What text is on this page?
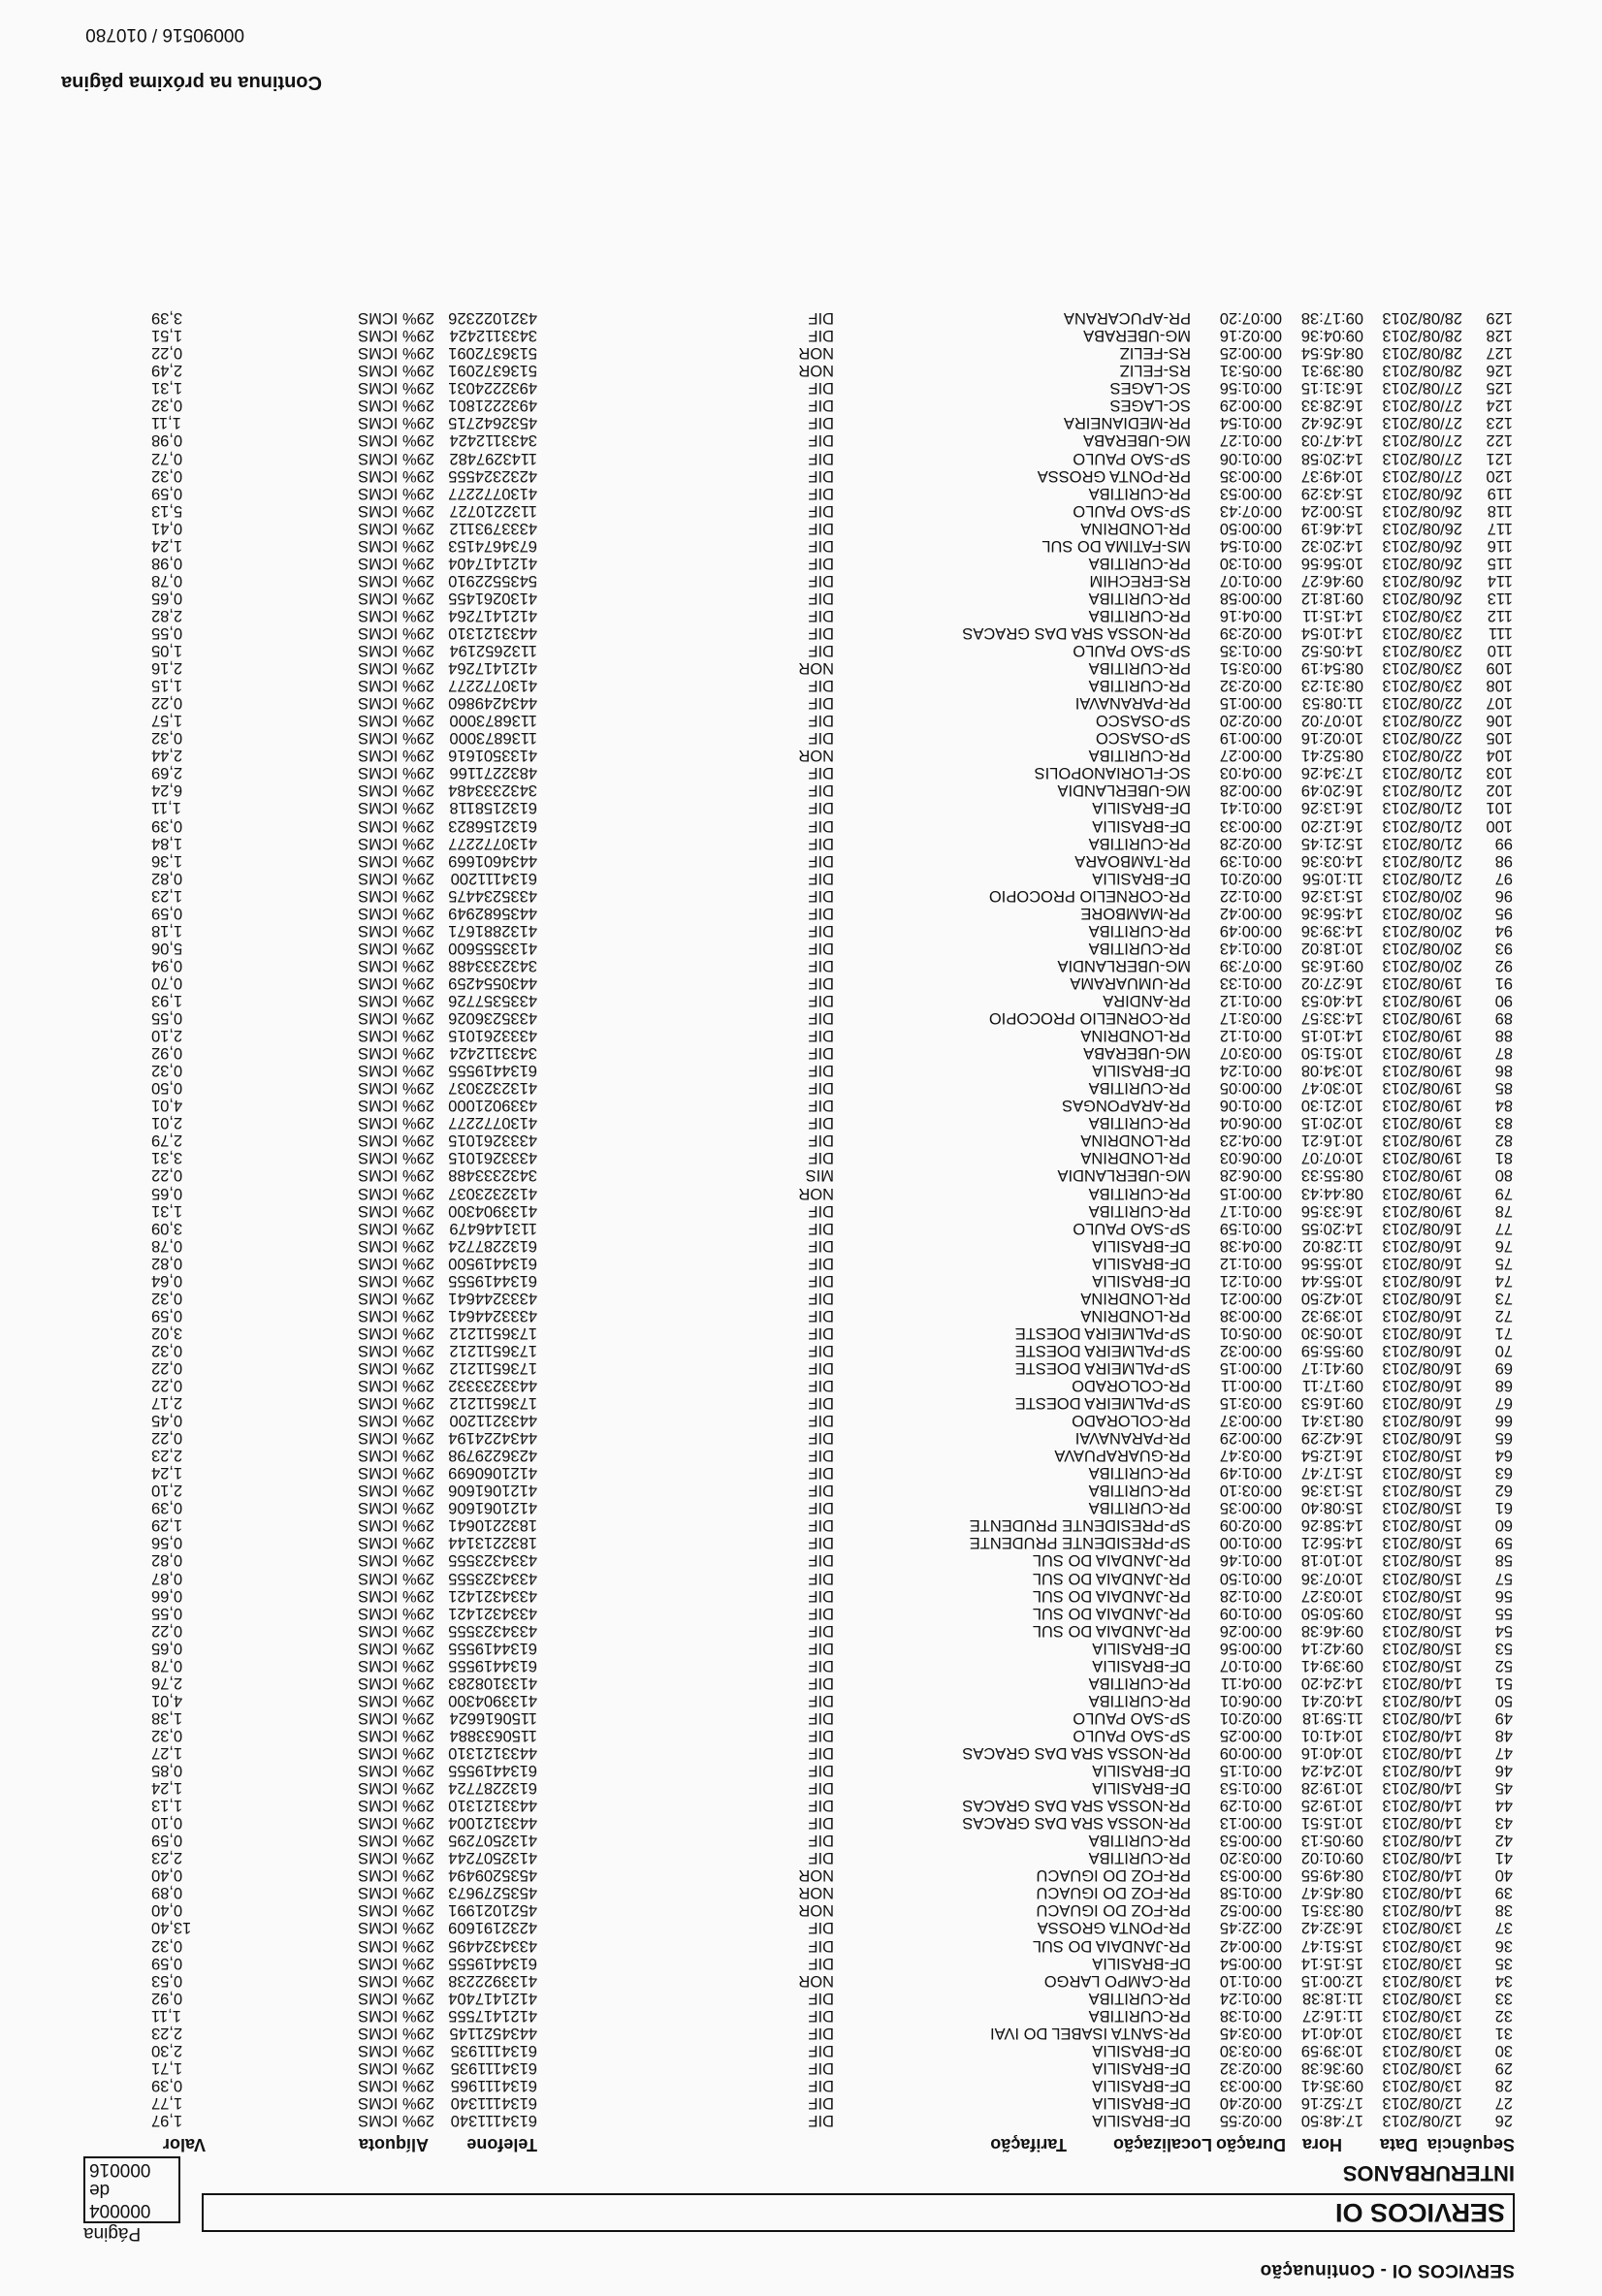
SERVICOS OI - Continuação
SERVICOS OI
Página
000004 de
000016	INTERURBANOS
Sequência
Data
Hora
Duração
Localização
Tarifação
Telefone
Alíquota
Valor
26
12/08/2013
17:48:50
00:02:55
DF-BRASILIA
DIF
6134111340
29% ICMS
1,97
27
12/08/2013
17:52:16
00:02:40
DF-BRASILIA
DIF
6134111340
29% ICMS
1,77
28
13/08/2013
09:35:41
00:00:33
DF-BRASILIA
DIF
6134111965
29% ICMS
0,39
29
13/08/2013
09:36:38
00:02:32
DF-BRASILIA
DIF
6134111935
29% ICMS
1,71
30
13/08/2013
10:39:59
00:03:30
DF-BRASILIA
DIF
6134111935
29% ICMS
2,30
31
13/08/2013
10:40:14
00:03:45
PR-SANTA ISABEL DO IVAI
DIF
4434521145
29% ICMS
2,23
32
13/08/2013
11:16:27
00:01:38
PR-CURITIBA
DIF
4121417555
29% ICMS
1,11
33
13/08/2013
11:18:38
00:01:24
PR-CURITIBA
DIF
4121417404
29% ICMS
0,92
34
13/08/2013
12:00:15
00:01:10
PR-CAMPO LARGO
NOR
4133922238
29% ICMS
0,53
35
13/08/2013
15:15:14
00:00:54
DF-BRASILIA
DIF
6134419555
29% ICMS
0,59
36
13/08/2013
15:51:47
00:00:42
PR-JANDAIA DO SUL
DIF
4334324495
29% ICMS
0,32
37
13/08/2013
16:32:42
00:22:45
PR-PONTA GROSSA
DIF
4232191609
29% ICMS
13,40
38
14/08/2013
08:33:51
00:00:52
PR-FOZ DO IGUACU
NOR
4521021991
29% ICMS
0,40
39
14/08/2013
08:45:47
00:01:58
PR-FOZ DO IGUACU
NOR
4535279673
29% ICMS
0,89
40
14/08/2013
08:49:55
00:00:53
PR-FOZ DO IGUACU
NOR
4535209494
29% ICMS
0,40
41
14/08/2013
09:01:02
00:03:20
PR-CURITIBA
DIF
4132507244
29% ICMS
2,23
42
14/08/2013
09:05:13
00:00:53
PR-CURITIBA
DIF
4132507295
29% ICMS
0,59
43
14/08/2013
10:15:51
00:00:13
PR-NOSSA SRA DAS GRACAS
DIF
4433121004
29% ICMS
0,10
44
14/08/2013
10:19:25
00:01:29
PR-NOSSA SRA DAS GRACAS
DIF
4433121310
29% ICMS
1,13
45
14/08/2013
10:19:28
00:01:53
DF-BRASILIA
DIF
6132287724
29% ICMS
1,24
46
14/08/2013
10:24:24
00:01:15
DF-BRASILIA
DIF
6134419555
29% ICMS
0,85
47
14/08/2013
10:40:16
00:00:09
PR-NOSSA SRA DAS GRACAS
DIF
4433121310
29% ICMS
1,27
48
14/08/2013
10:41:01
00:00:25
SP-SAO PAULO
DIF
1150633884
29% ICMS
0,32
49
14/08/2013
11:59:18
00:02:01
SP-SAO PAULO
DIF
1150616624
29% ICMS
1,38
50
14/08/2013
14:02:41
00:06:01
PR-CURITIBA
DIF
4133904300
29% ICMS
4,01
51
14/08/2013
14:24:20
00:04:11
PR-CURITIBA
DIF
4133108283
29% ICMS
2,76
52
15/08/2013
09:39:41
00:01:07
DF-BRASILIA
DIF
6134419555
29% ICMS
0,78
53
15/08/2013
09:42:14
00:00:56
DF-BRASILIA
DIF
6134419555
29% ICMS
0,65
54
15/08/2013
09:46:38
00:00:26
PR-JANDAIA DO SUL
DIF
4334323555
29% ICMS
0,22
55
15/08/2013
09:50:50
00:01:09
PR-JANDAIA DO SUL
DIF
4334321421
29% ICMS
0,55
56
15/08/2013
10:03:27
00:01:28
PR-JANDAIA DO SUL
DIF
4334321421
29% ICMS
0,66
57
15/08/2013
10:07:36
00:01:50
PR-JANDAIA DO SUL
DIF
4334323555
29% ICMS
0,87
58
15/08/2013
10:10:18
00:01:46
PR-JANDAIA DO SUL
DIF
4334323555
29% ICMS
0,82
59
15/08/2013
14:56:21
00:01:00
SP-PRESIDENTE PRUDENTE
DIF
1832213144
29% ICMS
0,56
60
15/08/2013
14:58:26
00:02:09
SP-PRESIDENTE PRUDENTE
DIF
1832210641
29% ICMS
1,29
61
15/08/2013
15:08:40
00:00:35
PR-CURITIBA
DIF
4121061606
29% ICMS
0,39
62
15/08/2013
15:13:36
00:03:10
PR-CURITIBA
DIF
4121061606
29% ICMS
2,10
63
15/08/2013
15:17:47
00:01:49
PR-CURITIBA
DIF
4121060699
29% ICMS
1,24
64
15/08/2013
16:12:54
00:03:47
PR-GUARAPUAVA
DIF
4236229798
29% ICMS
2,23
65
16/08/2013
16:42:29
00:00:29
PR-PARANAVAI
DIF
4434224194
29% ICMS
0,22
66
16/08/2013
08:13:41
00:00:37
PR-COLORADO
DIF
4433211200
29% ICMS
0,45
67
16/08/2013
09:16:53
00:03:15
SP-PALMEIRA DOESTE
DIF
1736511212
29% ICMS
2,17
68
16/08/2013
09:17:11
00:00:11
PR-COLORADO
DIF
4433233332
29% ICMS
0,22
69
16/08/2013
09:41:17
00:00:15
SP-PALMEIRA DOESTE
DIF
1736511212
29% ICMS
0,22
70
16/08/2013
09:55:59
00:00:32
SP-PALMEIRA DOESTE
DIF
1736511212
29% ICMS
0,32
71
16/08/2013
10:05:30
00:05:01
SP-PALMEIRA DOESTE
DIF
1736511212
29% ICMS
3,02
72
16/08/2013
10:39:32
00:00:38
PR-LONDRINA
DIF
4333244641
29% ICMS
0,59
73
16/08/2013
10:42:50
00:00:21
PR-LONDRINA
DIF
4333244641
29% ICMS
0,32
74
16/08/2013
10:55:44
00:01:21
DF-BRASILIA
DIF
6134419555
29% ICMS
0,64
75
16/08/2013
10:55:56
00:01:12
DF-BRASILIA
DIF
6134419500
29% ICMS
0,82
76
16/08/2013
11:28:02
00:04:38
DF-BRASILIA
DIF
6132287724
29% ICMS
0,78
77
16/08/2013
14:20:55
00:01:59
SP-SAO PAULO
DIF
1131446479
29% ICMS
3,09
78
19/08/2013
16:33:56
00:01:17
PR-CURITIBA
DIF
4133904300
29% ICMS
1,31
79
19/08/2013
08:44:43
00:00:15
PR-CURITIBA
NOR
4132323037
29% ICMS
0,65
80
19/08/2013
08:55:33
00:06:28
MG-UBERLANDIA
MIS
3432333488
29% ICMS
0,22
81
19/08/2013
10:07:07
00:06:03
PR-LONDRINA
DIF
4333261015
29% ICMS
3,31
82
19/08/2013
10:16:21
00:04:23
PR-LONDRINA
DIF
4333261015
29% ICMS
2,79
83
19/08/2013
10:20:15
00:06:04
PR-CURITIBA
DIF
4130772277
29% ICMS
2,01
84
19/08/2013
10:21:30
00:01:06
PR-ARAPONGAS
DIF
4339021000
29% ICMS
4,01
85
19/08/2013
10:30:47
00:00:05
PR-CURITIBA
DIF
4132323037
29% ICMS
0,50
86
19/08/2013
10:34:08
00:01:24
DF-BRASILIA
DIF
6134419555
29% ICMS
0,32
87
19/08/2013
10:51:50
00:03:07
MG-UBERABA
DIF
3433112424
29% ICMS
0,92
88
19/08/2013
14:10:15
00:01:12
PR-LONDRINA
DIF
4333261015
29% ICMS
2,10
89
19/08/2013
14:33:57
00:03:17
PR-CORNELIO PROCOPIO
DIF
4335236026
29% ICMS
0,55
90
19/08/2013
14:40:53
00:01:12
PR-ANDIRA
DIF
4335357726
29% ICMS
1,93
91
19/08/2013
16:27:02
00:01:33
PR-UMUARAMA
DIF
4430554259
29% ICMS
0,70
92
20/08/2013
09:16:35
00:07:39
MG-UBERLANDIA
DIF
3432333488
29% ICMS
0,94
93
20/08/2013
10:18:02
00:01:43
PR-CURITIBA
DIF
4133555600
29% ICMS
5,06
94
20/08/2013
14:39:36
00:00:49
PR-CURITIBA
DIF
4132881671
29% ICMS
1,18
95
20/08/2013
14:56:36
00:00:42
PR-MAMBORE
DIF
4435682949
29% ICMS
0,59
96
20/08/2013
15:13:26
00:01:22
PR-CORNELIO PROCOPIO
DIF
4335234475
29% ICMS
1,23
97
21/08/2013
11:10:56
00:02:01
DF-BRASILIA
DIF
6134111200
29% ICMS
0,82
98
21/08/2013
14:03:36
00:01:39
PR-TAMBOARA
DIF
4434601669
29% ICMS
1,36
99
21/08/2013
15:21:45
00:02:28
PR-CURITIBA
DIF
4130772277
29% ICMS
1,84
100
21/08/2013
16:12:20
00:00:33
DF-BRASILIA
DIF
6132156823
29% ICMS
0,39
101
21/08/2013
16:13:26
00:01:41
DF-BRASILIA
DIF
6132158118
29% ICMS
1,11
102
21/08/2013
16:20:49
00:00:28
MG-UBERLANDIA
DIF
3432333484
29% ICMS
6,24
103
21/08/2013
17:34:26
00:04:03
SC-FLORIANOPOLIS
DIF
4832271166
29% ICMS
2,69
104
22/08/2013
08:52:41
00:00:27
PR-CURITIBA
NOR
4133501616
29% ICMS
2,44
105
22/08/2013
10:02:16
00:00:19
SP-OSASCO
DIF
1136873000
29% ICMS
0,32
106
22/08/2013
10:07:02
00:02:20
SP-OSASCO
DIF
1136873000
29% ICMS
1,57
107
22/08/2013
11:08:53
00:00:15
PR-PARANAVAI
DIF
4434249860
29% ICMS
0,22
108
23/08/2013
08:31:23
00:02:32
PR-CURITIBA
DIF
4130772277
29% ICMS
1,15
109
23/08/2013
08:54:19
00:03:51
PR-CURITIBA
NOR
4121417264
29% ICMS
2,16
110
23/08/2013
14:05:52
00:01:35
SP-SAO PAULO
DIF
1132652194
29% ICMS
1,05
111
23/08/2013
14:10:54
00:02:39
PR-NOSSA SRA DAS GRACAS
DIF
4433121310
29% ICMS
0,55
112
23/08/2013
14:15:11
00:04:16
PR-CURITIBA
DIF
4121417264
29% ICMS
2,82
113
26/08/2013
09:18:12
00:00:58
PR-CURITIBA
DIF
4130261455
29% ICMS
0,65
114
26/08/2013
09:46:27
00:01:07
RS-ERECHIM
DIF
5435522910
29% ICMS
0,78
115
26/08/2013
10:56:56
00:01:30
PR-CURITIBA
DIF
4121417404
29% ICMS
0,98
116
26/08/2013
14:20:32
00:01:54
MS-FATIMA DO SUL
DIF
6734674153
29% ICMS
1,24
117
26/08/2013
14:46:19
00:00:50
PR-LONDRINA
DIF
4333793112
29% ICMS
0,41
118
26/08/2013
15:00:24
00:07:43
SP-SAO PAULO
DIF
1132210727
29% ICMS
5,13
119
26/08/2013
15:43:29
00:00:53
PR-CURITIBA
DIF
4130772277
29% ICMS
0,59
120
27/08/2013
10:49:37
00:00:35
PR-PONTA GROSSA
DIF
4232324555
29% ICMS
0,32
121
27/08/2013
14:20:58
00:01:06
SP-SAO PAULO
DIF
1143297482
29% ICMS
0,72
122
27/08/2013
14:47:03
00:01:27
MG-UBERABA
DIF
3433112424
29% ICMS
0,98
123
27/08/2013
16:26:42
00:01:54
PR-MEDIANEIRA
DIF
4532642715
29% ICMS
1,11
124
27/08/2013
16:28:33
00:00:29
SC-LAGES
DIF
4932221801
29% ICMS
0,32
125
27/08/2013
16:31:15
00:01:56
SC-LAGES
DIF
4932224031
29% ICMS
1,31
126
28/08/2013
08:39:31
00:05:31
RS-FELIZ
NOR
5136372091
29% ICMS
2,49
127
28/08/2013
08:45:54
00:00:25
RS-FELIZ
NOR
5136372091
29% ICMS
0,22
128
28/08/2013
09:04:36
00:02:16
MG-UBERABA
DIF
3433112424
29% ICMS
1,51
129
28/08/2013
09:17:38
00:07:20
PR-APUCARANA
DIF
4321022326
29% ICMS
3,39
Continua na próxima página
00090516 / 010780
